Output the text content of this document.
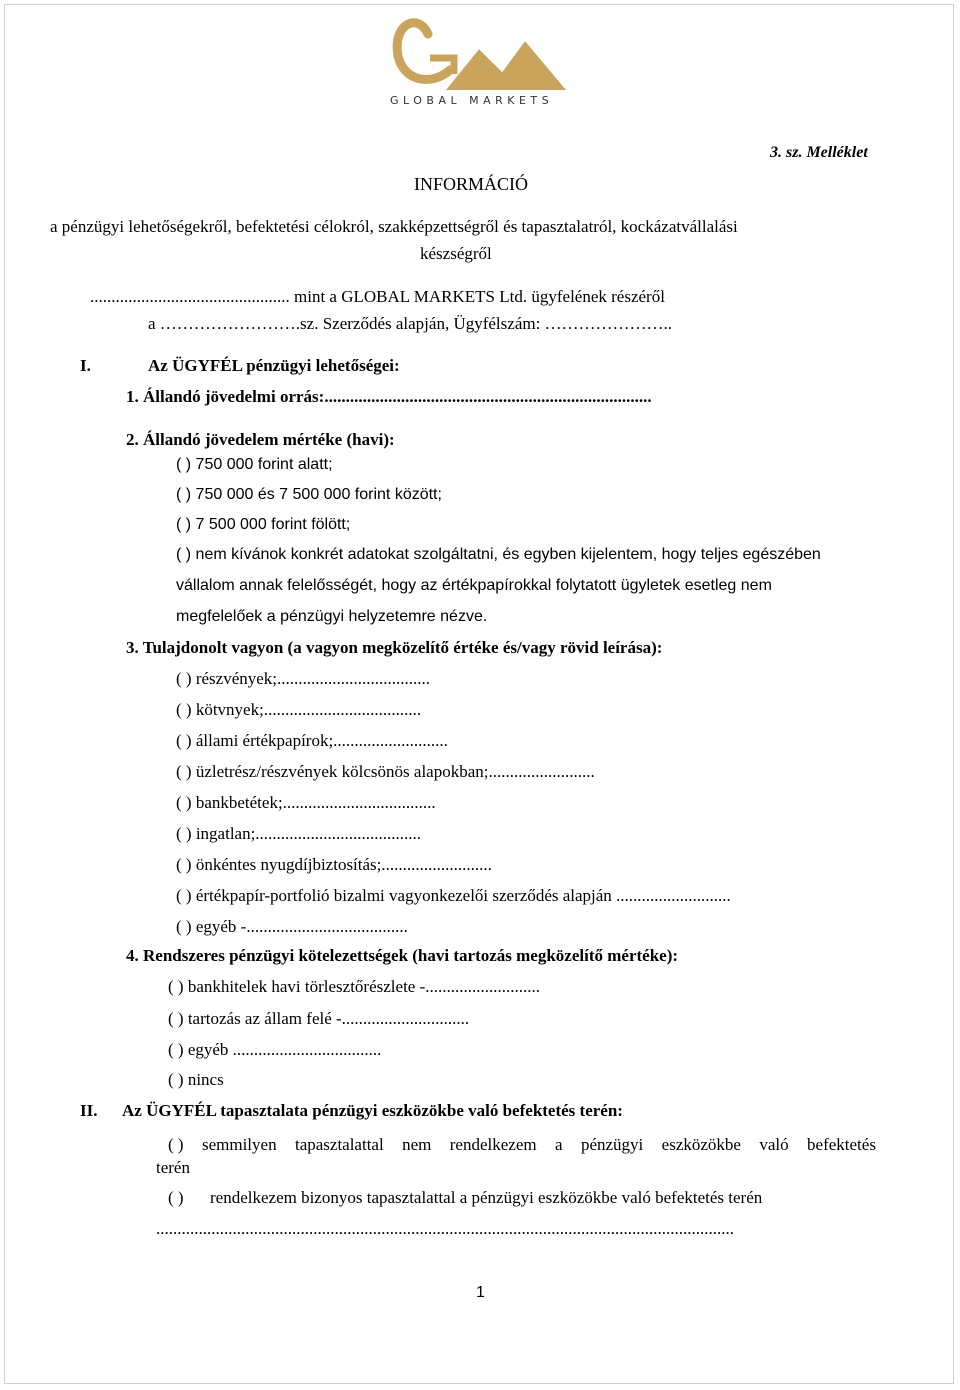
GLOBAL MARKETS
3. sz. Melléklet
INFORMÁCIÓ
a pénzügyi lehetőségekről, befektetési célokról, szakképzettségről és tapasztalatról, kockázatvállalási
készségről
............................................... mint a GLOBAL MARKETS Ltd. ügyfelének részéről
a …………………….sz. Szerződés alapján, Ügyfélszám: …………………..
I.	Az ÜGYFÉL pénzügyi lehetőségei:
1. Állandó jövedelmi orrás:.............................................................................
2. Állandó jövedelem mértéke (havi):
( ) 750 000 forint alatt;
( ) 750 000 és 7 500 000 forint között;
( ) 7 500 000 forint fölött;
( ) nem kívánok konkrét adatokat szolgáltatni, és egyben kijelentem, hogy teljes egészében
vállalom annak felelősségét, hogy az értékpapírokkal folytatott ügyletek esetleg nem
megfelelőek a pénzügyi helyzetemre nézve.
3. Tulajdonolt vagyon (a vagyon megközelítő értéke és/vagy rövid leírása):
( ) részvények;....................................
( ) kötvnyek;.....................................
( ) állami értékpapírok;...........................
( ) üzletrész/részvények kölcsönös alapokban;.........................
( ) bankbetétek;....................................
( ) ingatlan;.......................................
( ) önkéntes nyugdíjbiztosítás;..........................
( ) értékpapír-portfolió bizalmi vagyonkezelői szerződés alapján ...........................
( ) egyéb -......................................
4. Rendszeres pénzügyi kötelezettségek (havi tartozás megközelítő mértéke):
( ) bankhitelek havi törlesztőrészlete -...........................
( ) tartozás az állam felé -..............................
( ) egyéb ...................................
( ) nincs
II. Az ÜGYFÉL tapasztalata pénzügyi eszközökbe való befektetés terén:
( ) semmilyen tapasztalattal nem rendelkezem a pénzügyi eszközökbe való befektetés
terén
( ) rendelkezem bizonyos tapasztalattal a pénzügyi eszközökbe való befektetés terén
........................................................................................................................................
1
